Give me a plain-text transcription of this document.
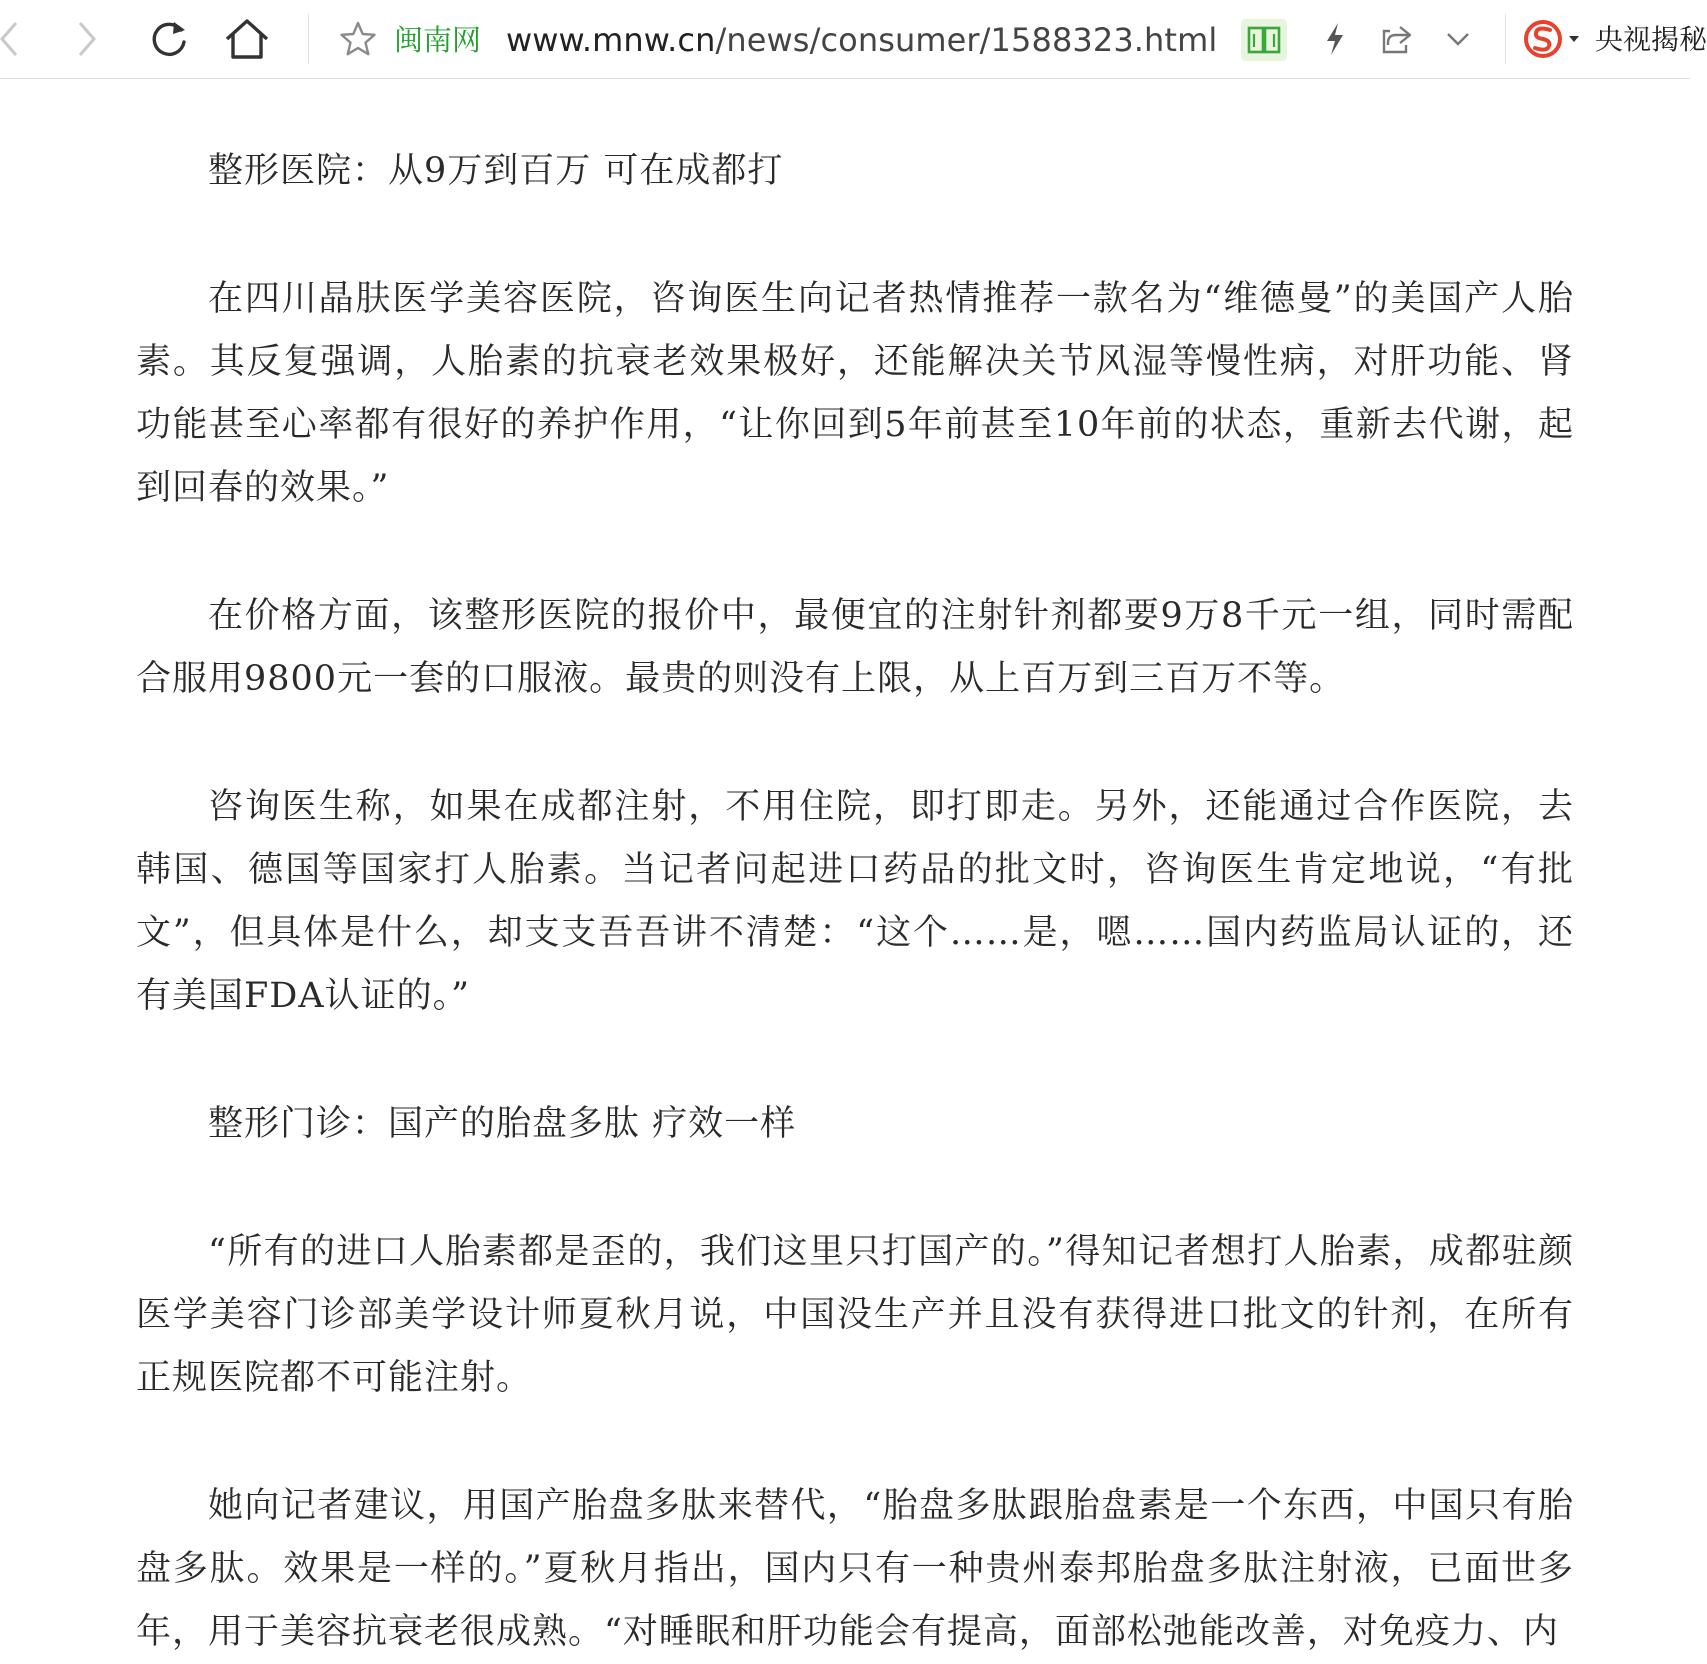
闽南网 www.mnw.cn/news/consumer/1588323.html	央视揭秘

整形医院：从9万到百万 可在成都打

在四川晶肤医学美容医院，咨询医生向记者热情推荐一款名为“维德曼”的美国产人胎素。其反复强调，人胎素的抗衰老效果极好，还能解决关节风湿等慢性病，对肝功能、肾功能甚至心率都有很好的养护作用，“让你回到5年前甚至10年前的状态，重新去代谢，起到回春的效果。”

在价格方面，该整形医院的报价中，最便宜的注射针剂都要9万8千元一组，同时需配合服用9800元一套的口服液。最贵的则没有上限，从上百万到三百万不等。

咨询医生称，如果在成都注射，不用住院，即打即走。另外，还能通过合作医院，去韩国、德国等国家打人胎素。当记者问起进口药品的批文时，咨询医生肯定地说，“有批文”，但具体是什么，却支支吾吾讲不清楚：“这个……是，嗯……国内药监局认证的，还有美国FDA认证的。”

整形门诊：国产的胎盘多肽 疗效一样

“所有的进口人胎素都是歪的，我们这里只打国产的。”得知记者想打人胎素，成都驻颜医学美容门诊部美学设计师夏秋月说，中国没生产并且没有获得进口批文的针剂，在所有正规医院都不可能注射。

她向记者建议，用国产胎盘多肽来替代，“胎盘多肽跟胎盘素是一个东西，中国只有胎盘多肽。效果是一样的。”夏秋月指出，国内只有一种贵州泰邦胎盘多肽注射液，已面世多年，用于美容抗衰老很成熟。“对睡眠和肝功能会有提高，面部松弛能改善，对免疫力、内
